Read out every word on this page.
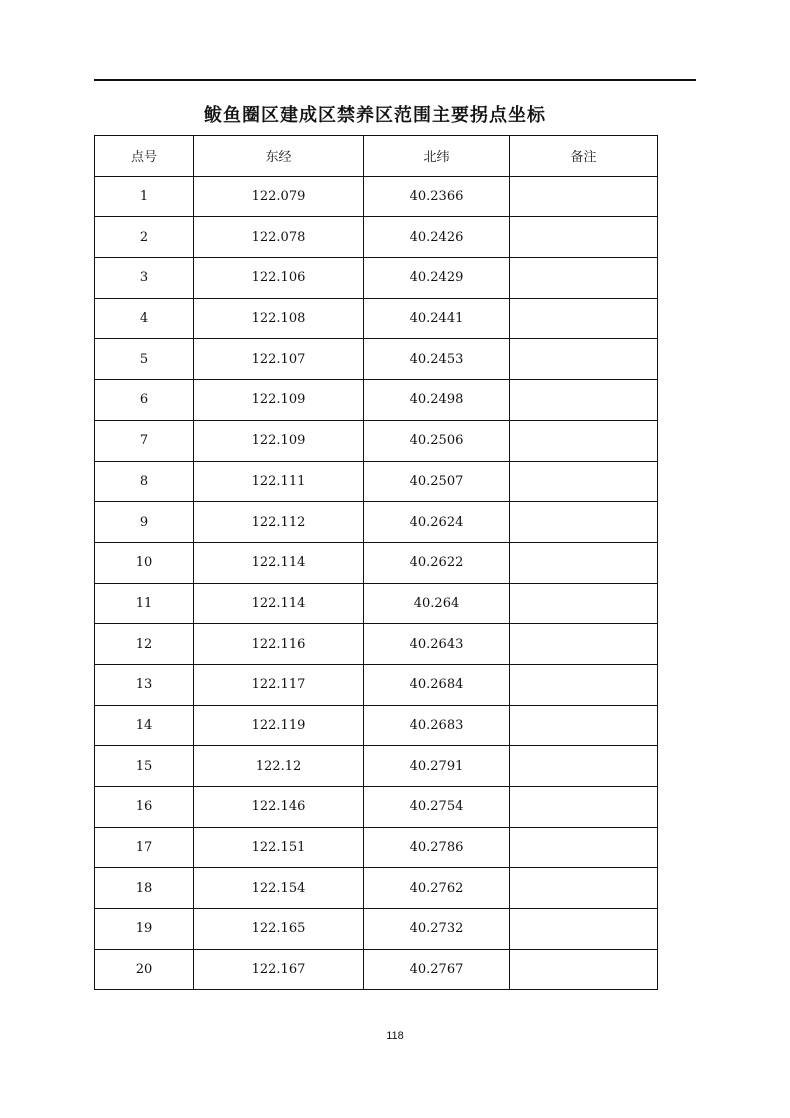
鲅鱼圈区建成区禁养区范围主要拐点坐标
点号	东经	北纬	备注
1	122.079	40.2366	
2	122.078	40.2426	
3	122.106	40.2429	
4	122.108	40.2441	
5	122.107	40.2453	
6	122.109	40.2498	
7	122.109	40.2506	
8	122.111	40.2507	
9	122.112	40.2624	
10	122.114	40.2622	
11	122.114	40.264	
12	122.116	40.2643	
13	122.117	40.2684	
14	122.119	40.2683	
15	122.12	40.2791	
16	122.146	40.2754	
17	122.151	40.2786	
18	122.154	40.2762	
19	122.165	40.2732	
20	122.167	40.2767	
118
